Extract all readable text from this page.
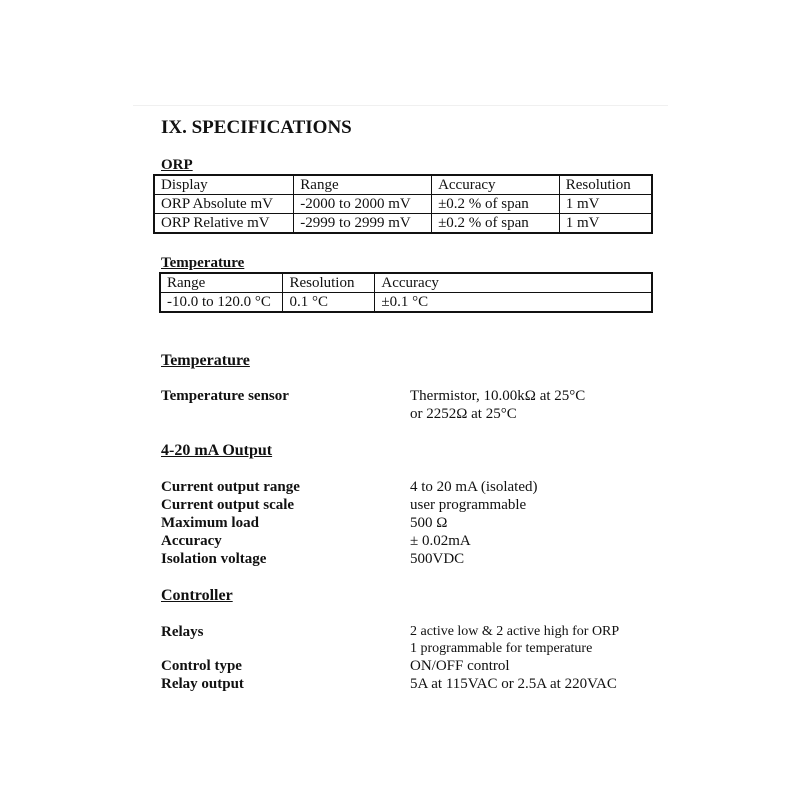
IX. SPECIFICATIONS
ORP
Display	Range	Accuracy	Resolution
ORP Absolute mV	-2000 to 2000 mV	±0.2 % of span	1 mV
ORP Relative mV	-2999 to 2999 mV	±0.2 % of span	1 mV
Temperature
Range	Resolution	Accuracy
-10.0 to 120.0 °C	0.1 °C	±0.1 °C
Temperature
Temperature sensor	Thermistor, 10.00kΩ at 25°C
or 2252Ω at 25°C
4-20 mA Output
Current output range	4 to 20 mA (isolated)
Current output scale	user programmable
Maximum load	500 Ω
Accuracy	± 0.02mA
Isolation voltage	500VDC
Controller
Relays	2 active low & 2 active high for ORP
1 programmable for temperature
Control type	ON/OFF control
Relay output	5A at 115VAC or 2.5A at 220VAC
